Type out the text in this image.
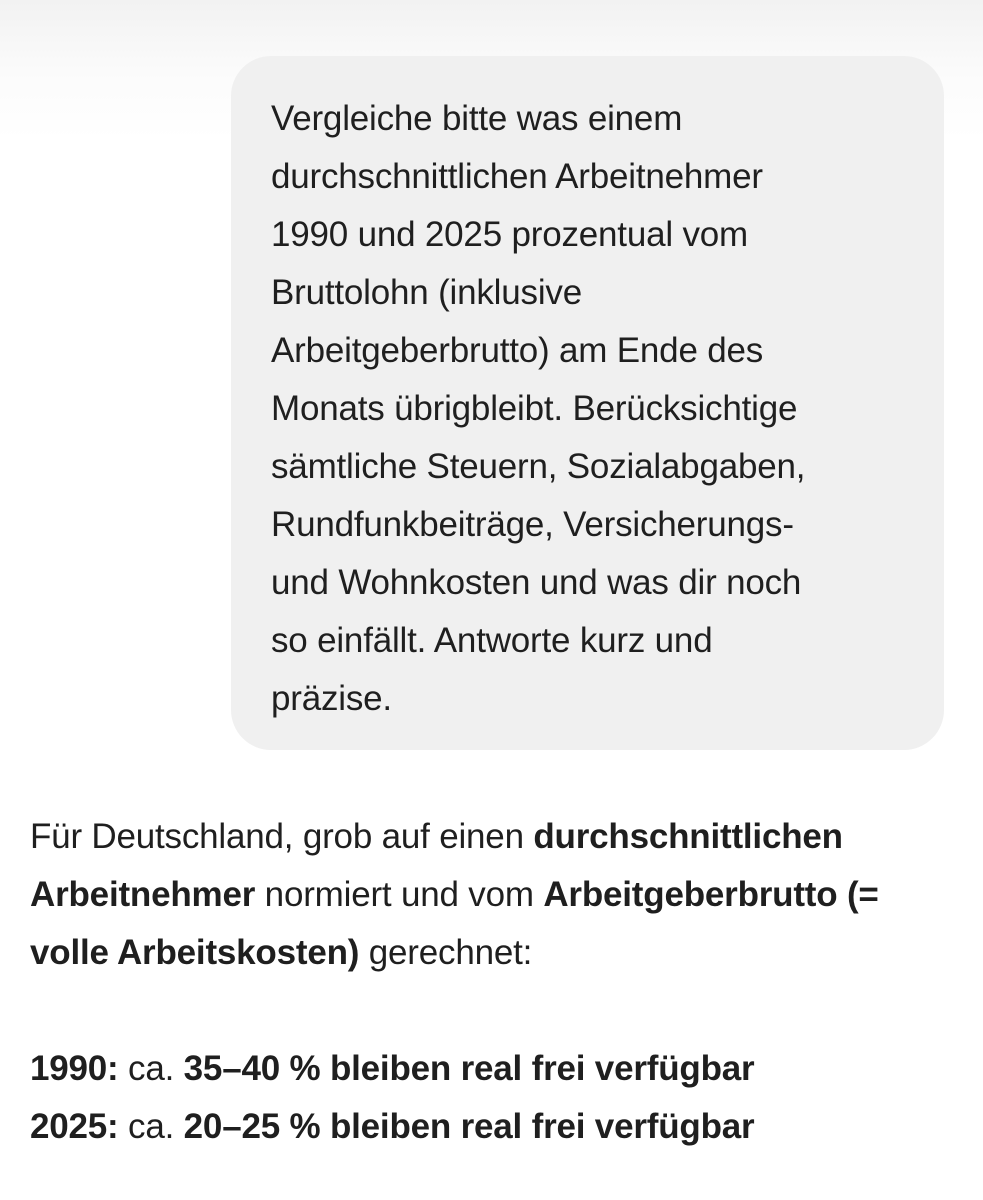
Vergleiche bitte was einem
durchschnittlichen Arbeitnehmer
1990 und 2025 prozentual vom
Bruttolohn (inklusive
Arbeitgeberbrutto) am Ende des
Monats übrigbleibt. Berücksichtige
sämtliche Steuern, Sozialabgaben,
Rundfunkbeiträge, Versicherungs-
und Wohnkosten und was dir noch
so einfällt. Antworte kurz und
präzise.

Für Deutschland, grob auf einen durchschnittlichen Arbeitnehmer normiert und vom Arbeitgeberbrutto (= volle Arbeitskosten) gerechnet:

1990: ca. 35–40 % bleiben real frei verfügbar

2025: ca. 20–25 % bleiben real frei verfügbar
